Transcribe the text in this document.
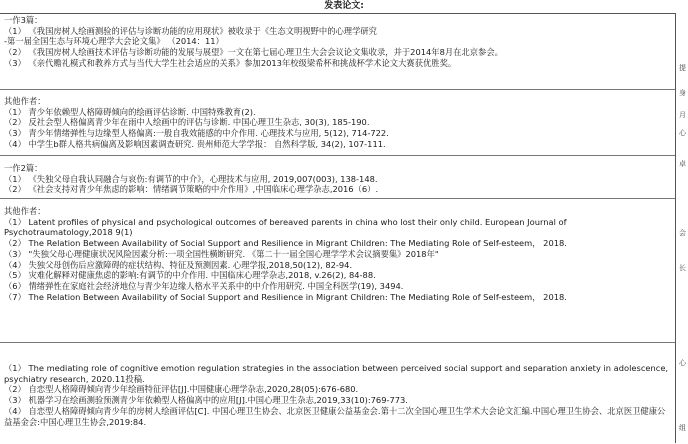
发表论文:
一作3篇：
（1） 《我国房树人绘画测验的评估与诊断功能的应用现状》被收录于《生态文明视野中的心理学研究
-第一届全国生态与环境心理学大会论文集》 （2014：11）
（2） 《我国房树人绘画技术评估与诊断功能的发展与展望》一文在第七届心理卫生大会会议论文集收录，并于2014年8月在北京参会。
（3） 《亲代赡礼模式和教养方式与当代大学生社会适应的关系》参加2013年校级梁希杯和挑战杯学术论文大赛获优胜奖。
其他作者：
（1） 青少年依赖型人格障碍倾向的绘画评估诊断. 中国特殊教育(2).
（2） 反社会型人格偏离青少年在雨中人绘画中的评估与诊断. 中国心理卫生杂志, 30(3), 185-190.
（3） 青少年情绪弹性与边缘型人格偏离:一般自我效能感的中介作用. 心理技术与应用, 5(12), 714-722.
（4） 中学生b群人格共病偏离及影响因素调查研究. 贵州师范大学学报： 自然科学版, 34(2), 107-111.
一作2篇：
（1） 《失独父母自我认同融合与哀伤:有调节的中介》，心理技术与应用, 2019,007(003), 138-148.
（2） 《社会支持对青少年焦虑的影响：情绪调节策略的中介作用》,中国临床心理学杂志,2016（6）.
其他作者：
（1） Latent profiles of physical and psychological outcomes of bereaved parents in china who lost their only child. European Journal of Psychotraumatology,2018 9(1)
（2） The Relation Between Availability of Social Support and Resilience in Migrant Children: The Mediating Role of Self-esteem， 2018.
（3） "失独父母心理健康状况风险因素分析:一项全国性横断研究. 《第二十一届全国心理学学术会议摘要集》2018年"
（4） 失独父母创伤后应激障碍的症状结构、特征及预测因素. 心理学报,2018,50(12), 82-94.
（5） 灾难化解释对健康焦虑的影响:有调节的中介作用. 中国临床心理学杂志,2018, v.26(2), 84-88.
（6） 情绪弹性在家庭社会经济地位与青少年边缘人格水平关系中的中介作用研究. 中国全科医学(19), 3494.
（7） The Relation Between Availability of Social Support and Resilience in Migrant Children: The Mediating Role of Self-esteem， 2018.
（1） The mediating role of cognitive emotion regulation strategies in the association between perceived social support and separation anxiety in adolescence, psychiatry research, 2020.11投稿.
（2） 自恋型人格障碍倾向青少年绘画特征评估[J].中国健康心理学杂志,2020,28(05):676-680.
（3） 机器学习在绘画测验预测青少年依赖型人格偏离中的应用[J].中国心理卫生杂志,2019,33(10):769-773.
（4） 自恋型人格障碍倾向青少年的房树人绘画评估[C]. 中国心理卫生协会、北京医卫健康公益基金会.第十二次全国心理卫生学术大会论文汇编.中国心理卫生协会、北京医卫健康公益基金会:中国心理卫生协会,2019:84.
提
身
月
心
卓
会
长
心
组
